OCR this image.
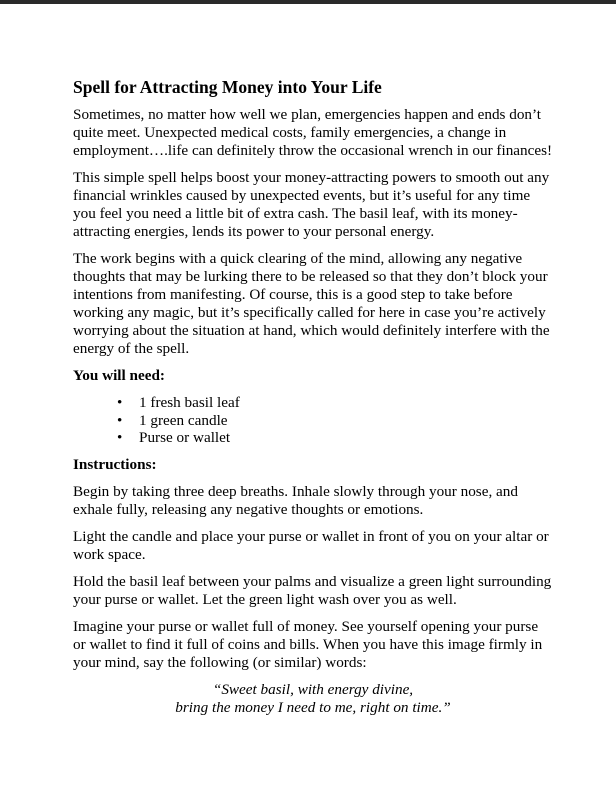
Spell for Attracting Money into Your Life

Sometimes, no matter how well we plan, emergencies happen and ends don’t quite meet. Unexpected medical costs, family emergencies, a change in employment….life can definitely throw the occasional wrench in our finances!

This simple spell helps boost your money-attracting powers to smooth out any financial wrinkles caused by unexpected events, but it’s useful for any time you feel you need a little bit of extra cash. The basil leaf, with its money-attracting energies, lends its power to your personal energy.

The work begins with a quick clearing of the mind, allowing any negative thoughts that may be lurking there to be released so that they don’t block your intentions from manifesting. Of course, this is a good step to take before working any magic, but it’s specifically called for here in case you’re actively worrying about the situation at hand, which would definitely interfere with the energy of the spell.

You will need:
• 1 fresh basil leaf
• 1 green candle
• Purse or wallet
Instructions:

Begin by taking three deep breaths. Inhale slowly through your nose, and exhale fully, releasing any negative thoughts or emotions.

Light the candle and place your purse or wallet in front of you on your altar or work space.

Hold the basil leaf between your palms and visualize a green light surrounding your purse or wallet. Let the green light wash over you as well.

Imagine your purse or wallet full of money. See yourself opening your purse or wallet to find it full of coins and bills. When you have this image firmly in your mind, say the following (or similar) words:

“Sweet basil, with energy divine,
bring the money I need to me, right on time.”
